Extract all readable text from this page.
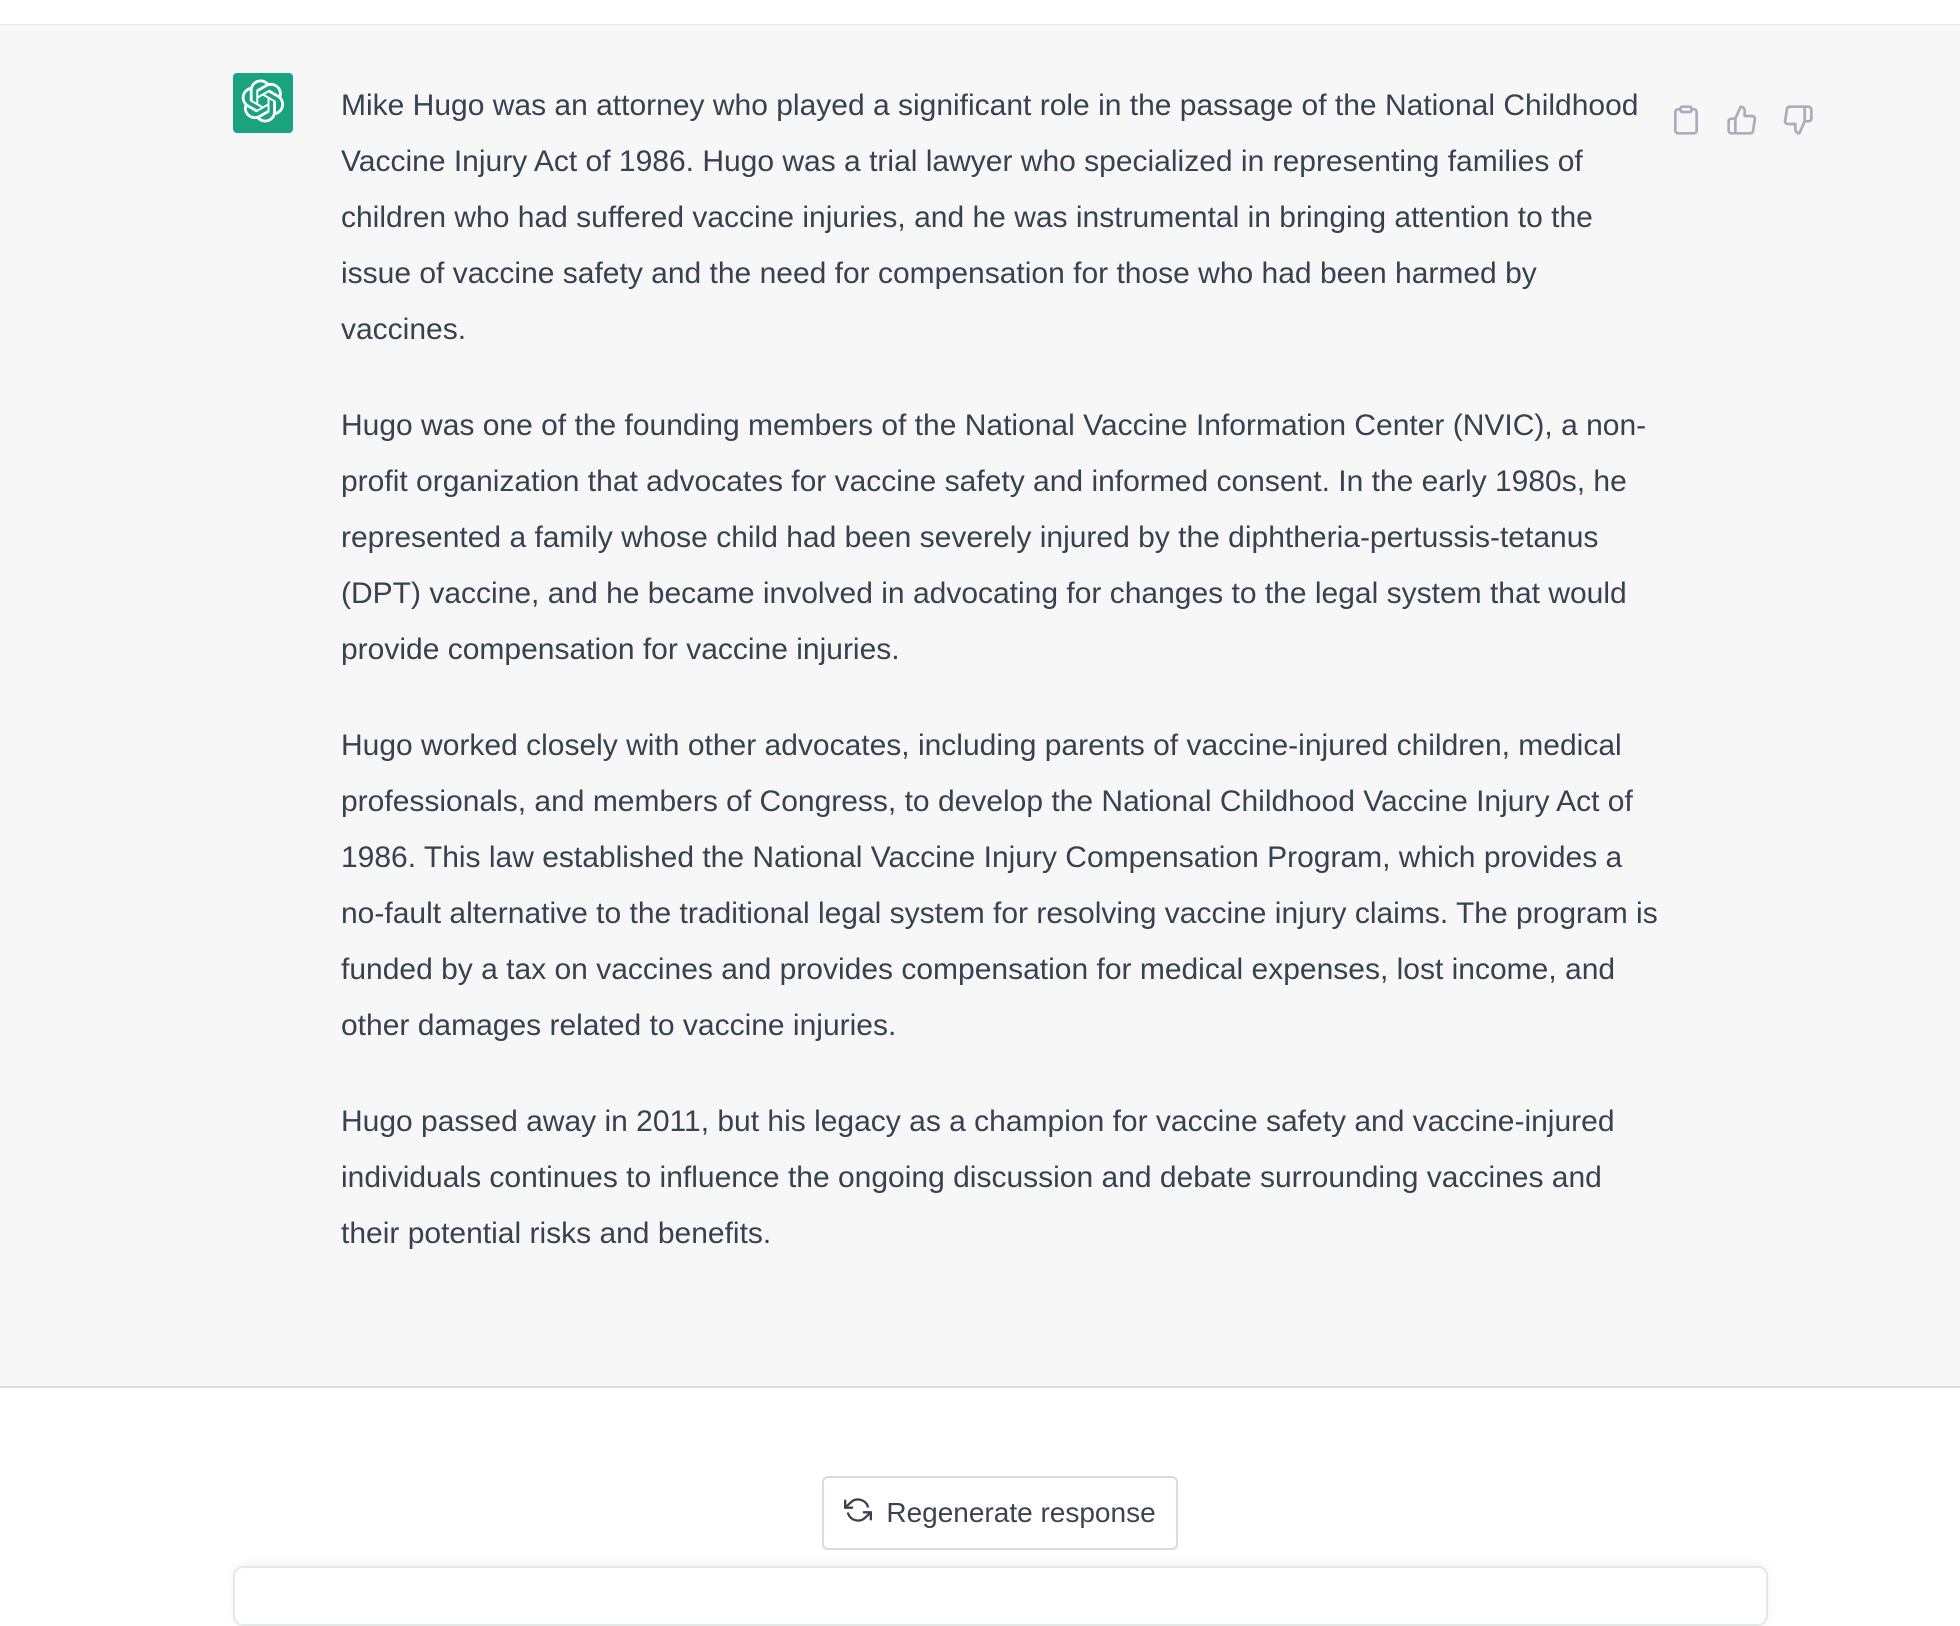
Mike Hugo was an attorney who played a significant role in the passage of the National Childhood Vaccine Injury Act of 1986. Hugo was a trial lawyer who specialized in representing families of children who had suffered vaccine injuries, and he was instrumental in bringing attention to the issue of vaccine safety and the need for compensation for those who had been harmed by vaccines.

Hugo was one of the founding members of the National Vaccine Information Center (NVIC), a non-profit organization that advocates for vaccine safety and informed consent. In the early 1980s, he represented a family whose child had been severely injured by the diphtheria-pertussis-tetanus (DPT) vaccine, and he became involved in advocating for changes to the legal system that would provide compensation for vaccine injuries.

Hugo worked closely with other advocates, including parents of vaccine-injured children, medical professionals, and members of Congress, to develop the National Childhood Vaccine Injury Act of 1986. This law established the National Vaccine Injury Compensation Program, which provides a no-fault alternative to the traditional legal system for resolving vaccine injury claims. The program is funded by a tax on vaccines and provides compensation for medical expenses, lost income, and other damages related to vaccine injuries.

Hugo passed away in 2011, but his legacy as a champion for vaccine safety and vaccine-injured individuals continues to influence the ongoing discussion and debate surrounding vaccines and their potential risks and benefits.

Regenerate response
